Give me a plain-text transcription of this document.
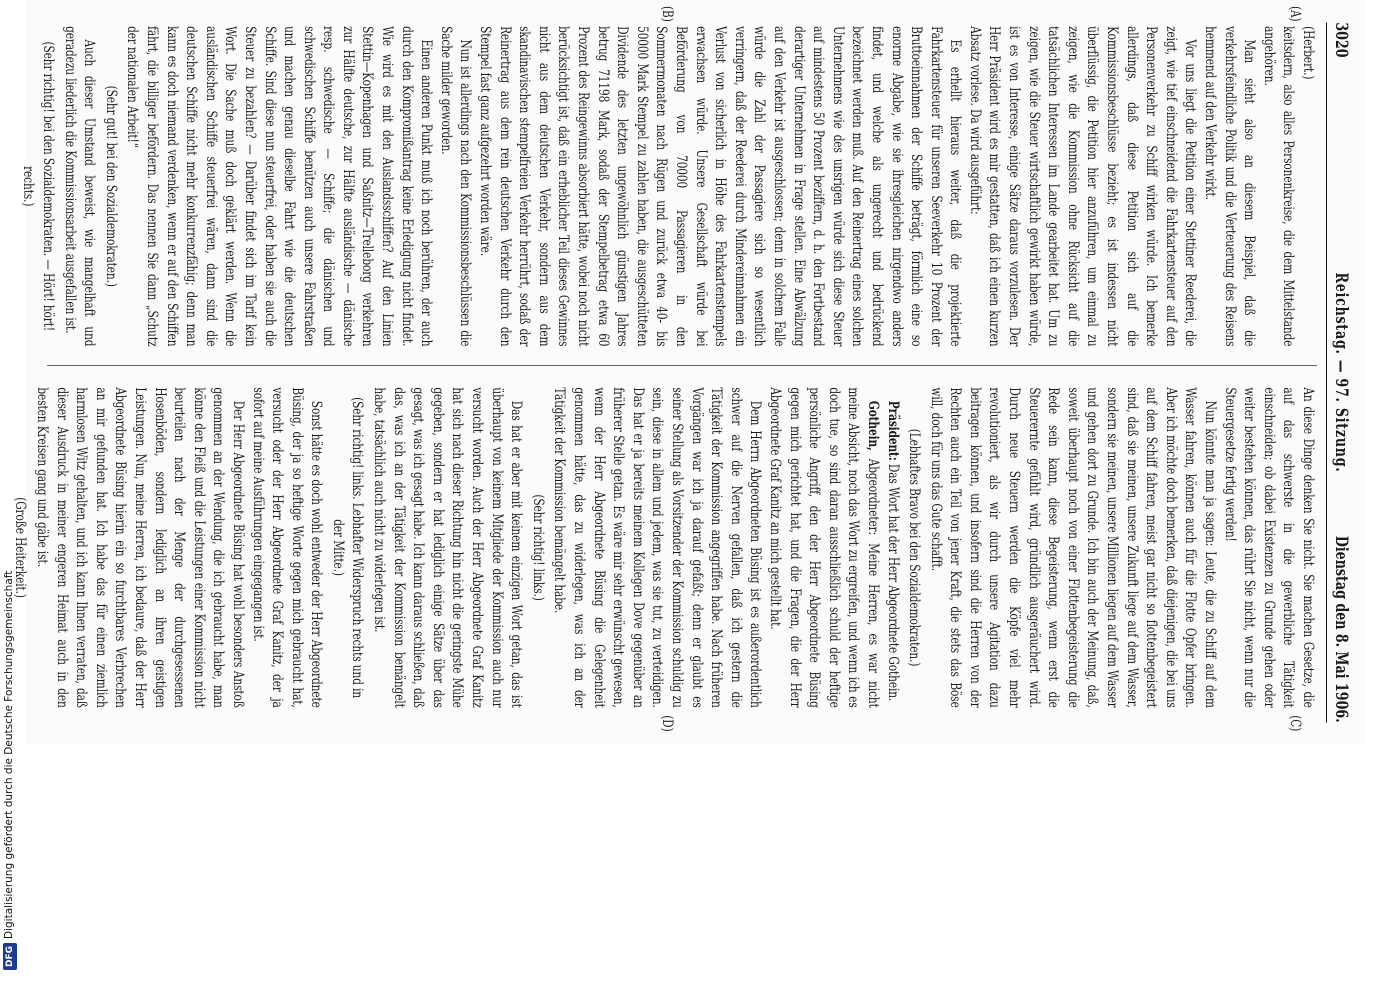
3020
Reichstag. — 97. Sitzung.
Dienstag den 8. Mai 1906.
(A)
(B)
(C)
(D)

(Herbert.)

keitsdern, also alles Personenkreise, die dem Mittelstande angehören.

Man sieht also an diesem Beispiel, daß die verkehrsfeindliche Politik und die Verteuerung des Reisens hemmend auf den Verkehr wirkt.

Vor uns liegt die Petition einer Stettiner Reederei, die zeigt, wie tief einschneidend die Fahrkartensteuer auf den Personenverkehr zu Schiff wirken würde. Ich bemerke allerdings, daß diese Petition sich auf die Kommissionsbeschlüsse bezieht; es ist indessen nicht überflüssig, die Petition hier anzuführen, um einmal zu zeigen, wie die Kommission ohne Rücksicht auf die tatsächlichen Interessen im Lande gearbeitet hat. Um zu zeigen, wie die Steuer wirtschaftlich gewirkt haben würde, ist es von Interesse, einige Sätze daraus vorzulesen. Der Herr Präsident wird es mir gestatten, daß ich einen kurzen Absatz vorlese. Da wird ausgeführt:

Es erhellt hieraus weiter, daß die projektierte Fahrkartensteuer für unseren Seeverkehr 10 Prozent der Bruttoeinnahmen der Schiffe beträgt, förmlich eine so enorme Abgabe, wie sie ihresgleichen nirgendwo anders findet, und welche als ungerecht und bedrückend bezeichnet werden muß. Auf den Reinertrag eines solchen Unternehmens wie des unsrigen würde sich diese Steuer auf mindestens 50 Prozent beziffern, d. h. den Fortbestand derartiger Unternehmen in Frage stellen. Eine Abwälzung auf den Verkehr ist ausgeschlossen; denn in solchem Falle würde die Zahl der Passagiere sich so wesentlich verringern, daß der Reederei durch Mindereinnahmen ein Verlust von sicherlich in Höhe des Fahrkartenstempels erwachsen würde. Unsere Gesellschaft würde bei Beförderung von 70000 Passagieren in den Sommermonaten nach Rügen und zurück etwa 40- bis 50000 Mark Stempel zu zahlen haben, die ausgeschütteten Dividende des letzten ungewöhnlich günstigen Jahres betrug 71198 Mark, sodaß der Stempelbetrag etwa 60 Prozent des Reingewinns absorbiert hätte, wobei noch nicht berücksichtigt ist, daß ein erheblicher Teil dieses Gewinnes nicht aus dem deutschen Verkehr, sondern aus dem skandinavischen stempelfreien Verkehr herrührt, sodaß der Reinertrag aus dem rein deutschen Verkehr durch den Stempel fast ganz aufgezehrt worden wäre.

Nun ist allerdings nach den Kommissionsbeschlüssen die Sache milder geworden.

Einen anderen Punkt muß ich noch berühren, der auch durch den Kompromißantrag keine Erledigung nicht findet. Wie wird es mit den Auslandsschiffen? Auf den Linien Stettin—Kopenhagen und Saßnitz—Trelleborg verkehren zur Hälfte deutsche, zur Hälfte ausländische — dänische resp. schwedische — Schiffe; die dänischen und schwedischen Schiffe benützen auch unsere Fahrstraßen und machen genau dieselbe Fahrt wie die deutschen Schiffe. Sind diese nun steuerfrei, oder haben sie auch die Steuer zu bezahlen? — Darüber findet sich im Tarif kein Wort. Die Sache muß doch geklärt werden. Wenn die ausländischen Schiffe steuerfrei wären, dann sind die deutschen Schiffe nicht mehr konkurrenzfähig; denn man kann es doch niemand verdenken, wenn er auf den Schiffen fährt, die billiger befördern. Das nennen Sie dann „Schutz der nationalen Arbeit!“

(Sehr gut! bei den Sozialdemokraten.)

Auch dieser Umstand beweist, wie mangelhaft und geradezu liederlich die Kommissionsarbeit ausgefallen ist.

(Sehr richtig! bei den Sozialdemokraten. — Hört! hört! rechts.)

An diese Dinge denken Sie nicht. Sie machen Gesetze, die auf das schwerste in die gewerbliche Tätigkeit einschneiden; ob dabei Existenzen zu Grunde gehen oder weiter bestehen können, das rührt Sie nicht, wenn nur die Steuergesetze fertig werden!

Nun könnte man ja sagen: Leute, die zu Schiff auf dem Wasser fahren, können auch für die Flotte Opfer bringen. Aber ich möchte doch bemerken, daß diejenigen, die bei uns auf dem Schiff fahren, meist gar nicht so flottenbegeistert sind, daß sie meinen, unsere Zukunft liege auf dem Wasser, sondern sie meinen, unsere Millionen liegen auf dem Wasser und gehen dort zu Grunde. Ich bin auch der Meinung, daß, soweit überhaupt noch von einer Flottenbegeisterung die Rede sein kann, diese Begeisterung, wenn erst die Steuerernte gefühlt wird, gründlich ausgeräuchert wird. Durch neue Steuern werden die Köpfe viel mehr revolutioniert, als wir durch unsere Agitation dazu beitragen können, und insofern sind die Herren von der Rechten auch ein Teil von jener Kraft, die stets das Böse will, doch für uns das Gute schafft.

(Lebhaftes Bravo bei den Sozialdemokraten.)

Präsident: Das Wort hat der Herr Abgeordnete Gothein.

Gothein, Abgeordneter: Meine Herren, es war nicht meine Absicht, noch das Wort zu ergreifen, und wenn ich es doch tue, so sind daran ausschließlich schuld der heftige persönliche Angriff, den der Herr Abgeordnete Büsing gegen mich gerichtet hat, und die Fragen, die der Herr Abgeordnete Graf Kanitz an mich gestellt hat.

Dem Herrn Abgeordneten Büsing ist es außerordentlich schwer auf die Nerven gefallen, daß ich gestern die Tätigkeit der Kommission angegriffen habe. Nach früheren Vorgängen war ich ja darauf gefaßt; denn er glaubt es seiner Stellung als Vorsitzender der Kommission schuldig zu sein, diese in allem und jedem, was sie tut, zu verteidigen. Das hat er ja bereits meinem Kollegen Dove gegenüber an früherer Stelle getan. Es wäre mir sehr erwünscht gewesen, wenn der Herr Abgeordnete Büsing die Gelegenheit genommen hätte, das zu widerlegen, was ich an der Tätigkeit der Kommission bemängelt habe.

(Sehr richtig! links.)

Das hat er aber mit keinem einzigen Wort getan, das ist überhaupt von keinem Mitgliede der Kommission auch nur versucht worden. Auch der Herr Abgeordnete Graf Kanitz hat sich nach dieser Richtung hin nicht die geringste Mühe gegeben, sondern er hat lediglich einige Sätze über das gesagt, was ich gesagt habe. Ich kann daraus schließen, daß das, was ich an der Tätigkeit der Kommission bemängelt habe, tatsächlich auch nicht zu widerlegen ist.

(Sehr richtig! links. Lebhafter Widerspruch rechts und in der Mitte.)

Sonst hätte es doch wohl entweder der Herr Abgeordnete Büsing, der ja so heftige Worte gegen mich gebraucht hat, versucht oder der Herr Abgeordnete Graf Kanitz, der ja sofort auf meine Ausführungen eingegangen ist.

Der Herr Abgeordnete Büsing hat wohl besonders Anstoß genommen an der Wendung, die ich gebraucht habe, man könne den Fleiß und die Leistungen einer Kommission nicht beurteilen nach der Menge der durchgesessenen Hosenböden, sondern lediglich an ihren geistigen Leistungen. Nun, meine Herren, ich bedaure, daß der Herr Abgeordnete Büsing hierin ein so furchtbares Verbrechen an mir gefunden hat. Ich habe das für einen ziemlich harmlosen Witz gehalten, und ich kann Ihnen verraten, daß dieser Ausdruck in meiner engeren Heimat auch in den besten Kreisen gang und gäbe ist.

(Große Heiterkeit.)

DFGDigitalisierung gefördert durch die Deutsche Forschungsgemeinschaft
